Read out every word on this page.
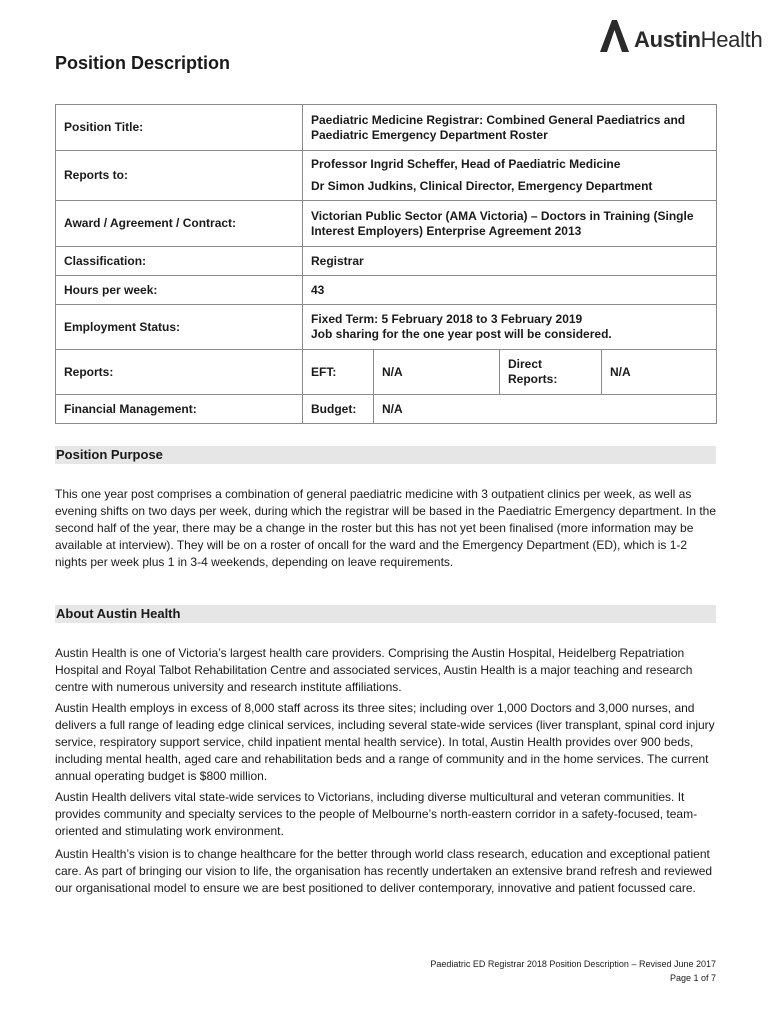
AustinHealth
Position Description
Position Title:	Paediatric Medicine Registrar: Combined General Paediatrics and Paediatric Emergency Department Roster			
Reports to:	Professor Ingrid Scheffer, Head of Paediatric Medicine
Dr Simon Judkins, Clinical Director, Emergency Department			

Award / Agreement / Contract:	Victorian Public Sector (AMA Victoria) – Doctors in Training (Single Interest Employers) Enterprise Agreement 2013			
Classification:	Registrar			
Hours per week:	43			
Employment Status:	Fixed Term: 5 February 2018 to 3 February 2019
Job sharing for the one year post will be considered.			

Reports:	EFT:	N/A	Direct Reports:	N/A
Financial Management:	Budget:	N/A		
Position Purpose

This one year post comprises a combination of general paediatric medicine with 3 outpatient clinics per week, as well as evening shifts on two days per week, during which the registrar will be based in the Paediatric Emergency department. In the second half of the year, there may be a change in the roster but this has not yet been finalised (more information may be available at interview). They will be on a roster of oncall for the ward and the Emergency Department (ED), which is 1-2 nights per week plus 1 in 3-4 weekends, depending on leave requirements.

About Austin Health

Austin Health is one of Victoria’s largest health care providers. Comprising the Austin Hospital, Heidelberg Repatriation Hospital and Royal Talbot Rehabilitation Centre and associated services, Austin Health is a major teaching and research centre with numerous university and research institute affiliations.

Austin Health employs in excess of 8,000 staff across its three sites; including over 1,000 Doctors and 3,000 nurses, and delivers a full range of leading edge clinical services, including several state-wide services (liver transplant, spinal cord injury service, respiratory support service, child inpatient mental health service). In total, Austin Health provides over 900 beds, including mental health, aged care and rehabilitation beds and a range of community and in the home services. The current annual operating budget is $800 million.

Austin Health delivers vital state-wide services to Victorians, including diverse multicultural and veteran communities. It provides community and specialty services to the people of Melbourne’s north-eastern corridor in a safety-focused, team-oriented and stimulating work environment.

Austin Health’s vision is to change healthcare for the better through world class research, education and exceptional patient care. As part of bringing our vision to life, the organisation has recently undertaken an extensive brand refresh and reviewed our organisational model to ensure we are best positioned to deliver contemporary, innovative and patient focussed care.

Paediatric ED Registrar 2018 Position Description – Revised June 2017
Page 1 of 7
